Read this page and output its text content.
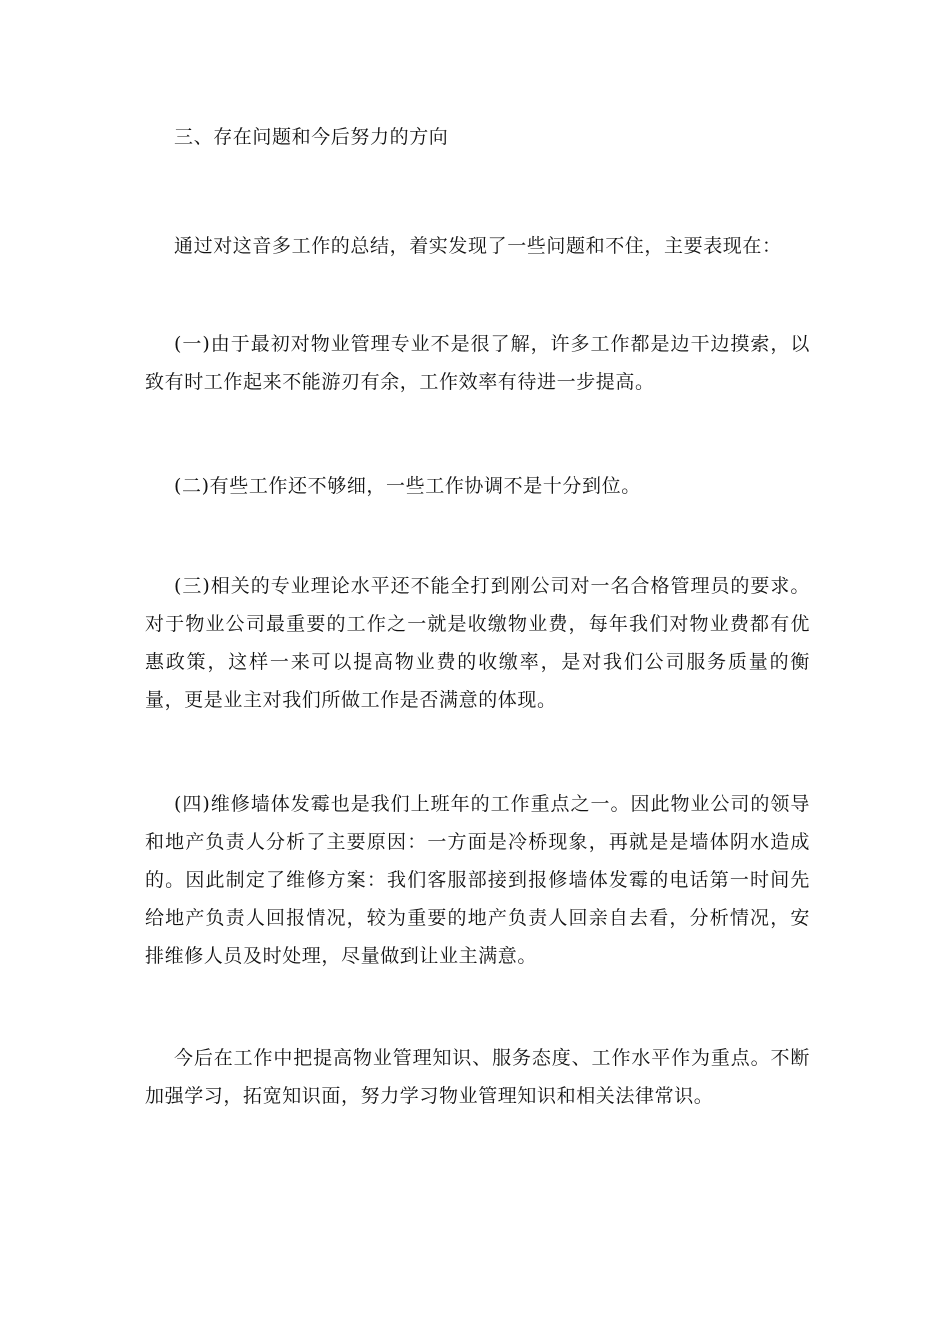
三、存在问题和今后努力的方向

通过对这音多工作的总结，着实发现了一些问题和不住，主要表现在：

(一)由于最初对物业管理专业不是很了解，许多工作都是边干边摸索，以致有时工作起来不能游刃有余，工作效率有待进一步提高。

(二)有些工作还不够细，一些工作协调不是十分到位。

(三)相关的专业理论水平还不能全打到刚公司对一名合格管理员的要求。对于物业公司最重要的工作之一就是收缴物业费，每年我们对物业费都有优惠政策，这样一来可以提高物业费的收缴率，是对我们公司服务质量的衡量，更是业主对我们所做工作是否满意的体现。

(四)维修墙体发霉也是我们上班年的工作重点之一。因此物业公司的领导和地产负责人分析了主要原因：一方面是冷桥现象，再就是是墙体阴水造成的。因此制定了维修方案：我们客服部接到报修墙体发霉的电话第一时间先给地产负责人回报情况，较为重要的地产负责人回亲自去看，分析情况，安排维修人员及时处理，尽量做到让业主满意。

今后在工作中把提高物业管理知识、服务态度、工作水平作为重点。不断加强学习，拓宽知识面，努力学习物业管理知识和相关法律常识。
